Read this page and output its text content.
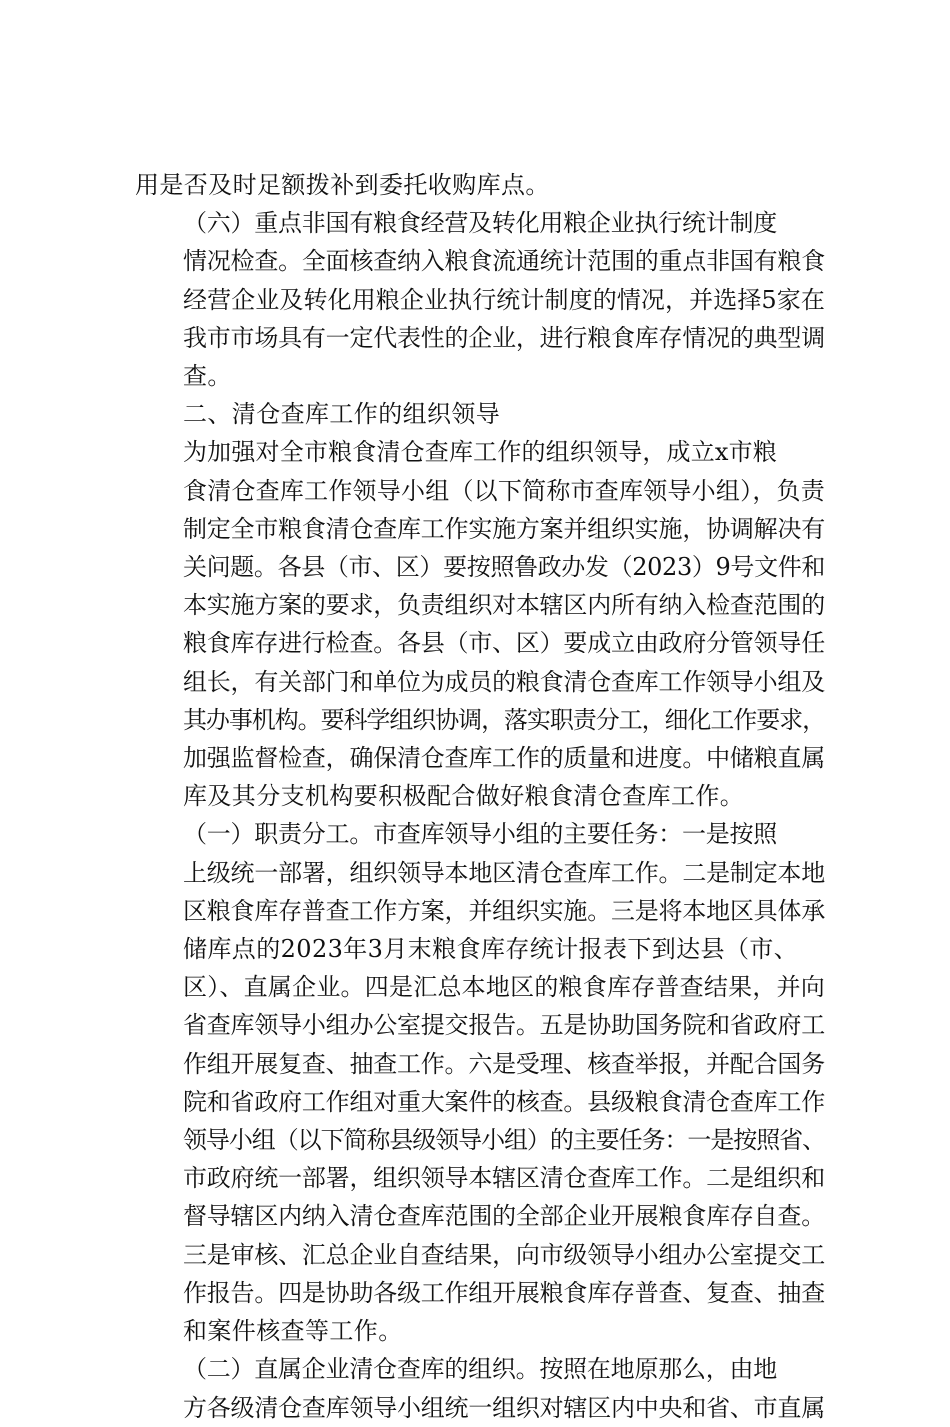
用是否及时足额拨补到委托收购库点。
（六）重点非国有粮食经营及转化用粮企业执行统计制度
情况检查。全面核查纳入粮食流通统计范围的重点非国有粮食
经营企业及转化用粮企业执行统计制度的情况，并选择5家在
我市市场具有一定代表性的企业，进行粮食库存情况的典型调
查。
二、清仓查库工作的组织领导
为加强对全市粮食清仓查库工作的组织领导，成立x市粮
食清仓查库工作领导小组（以下简称市查库领导小组），负责
制定全市粮食清仓查库工作实施方案并组织实施，协调解决有
关问题。各县（市、区）要按照鲁政办发（2023）9号文件和
本实施方案的要求，负责组织对本辖区内所有纳入检查范围的
粮食库存进行检查。各县（市、区）要成立由政府分管领导任
组长，有关部门和单位为成员的粮食清仓查库工作领导小组及
其办事机构。要科学组织协调，落实职责分工，细化工作要求，
加强监督检查，确保清仓查库工作的质量和进度。中储粮直属
库及其分支机构要积极配合做好粮食清仓查库工作。
（一）职责分工。市查库领导小组的主要任务：一是按照
上级统一部署，组织领导本地区清仓查库工作。二是制定本地
区粮食库存普查工作方案，并组织实施。三是将本地区具体承
储库点的2023年3月末粮食库存统计报表下到达县（市、
区）、直属企业。四是汇总本地区的粮食库存普查结果，并向
省查库领导小组办公室提交报告。五是协助国务院和省政府工
作组开展复查、抽查工作。六是受理、核查举报，并配合国务
院和省政府工作组对重大案件的核查。县级粮食清仓查库工作
领导小组（以下简称县级领导小组）的主要任务：一是按照省、
市政府统一部署，组织领导本辖区清仓查库工作。二是组织和
督导辖区内纳入清仓查库范围的全部企业开展粮食库存自查。
三是审核、汇总企业自查结果，向市级领导小组办公室提交工
作报告。四是协助各级工作组开展粮食库存普查、复查、抽查
和案件核查等工作。
（二）直属企业清仓查库的组织。按照在地原那么，由地
方各级清仓查库领导小组统一组织对辖区内中央和省、市直属
